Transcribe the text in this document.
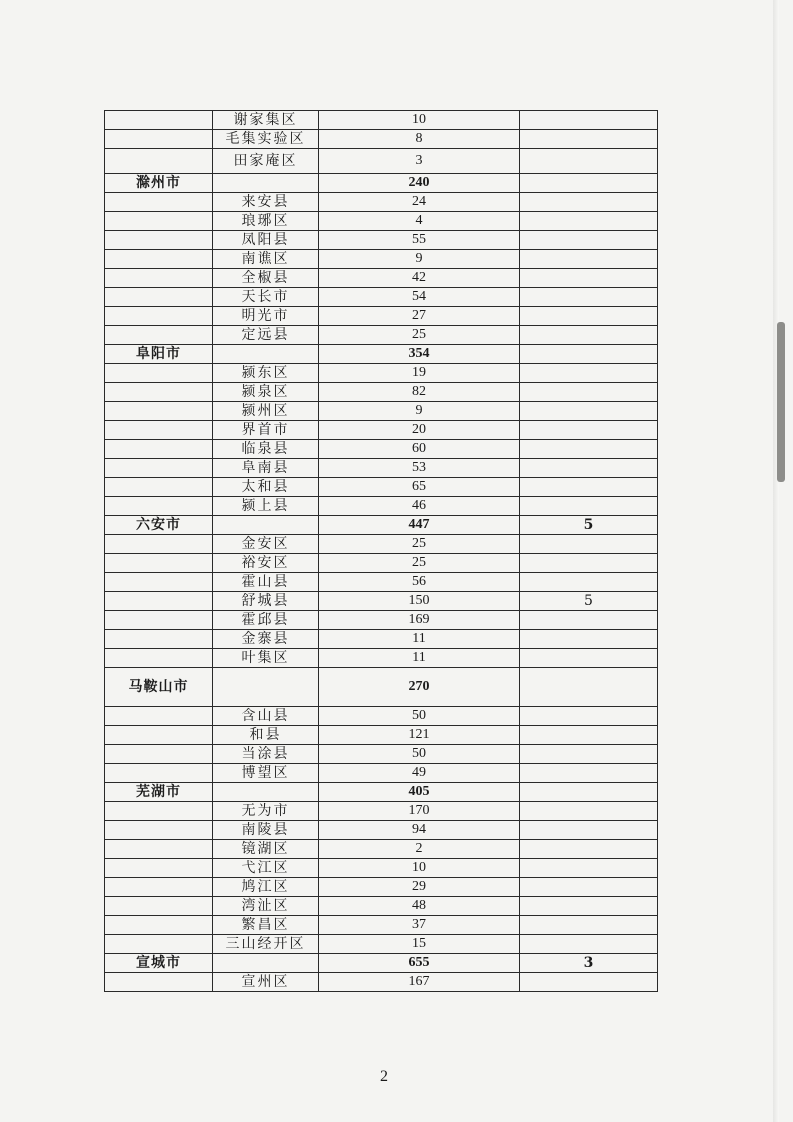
	谢家集区	10	
	毛集实验区	8	
	田家庵区	3	
滁州市		240	
	来安县	24	
	琅琊区	4	
	凤阳县	55	
	南谯区	9	
	全椒县	42	
	天长市	54	
	明光市	27	
	定远县	25	
阜阳市		354	
	颍东区	19	
	颍泉区	82	
	颍州区	9	
	界首市	20	
	临泉县	60	
	阜南县	53	
	太和县	65	
	颍上县	46	
六安市		447	5
	金安区	25	
	裕安区	25	
	霍山县	56	
	舒城县	150	5
	霍邱县	169	
	金寨县	11	
	叶集区	11	
马鞍山市		270	
	含山县	50	
	和县	121	
	当涂县	50	
	博望区	49	
芜湖市		405	
	无为市	170	
	南陵县	94	
	镜湖区	2	
	弋江区	10	
	鸠江区	29	
	湾沚区	48	
	繁昌区	37	
	三山经开区	15	
宣城市		655	3
	宣州区	167	
2
